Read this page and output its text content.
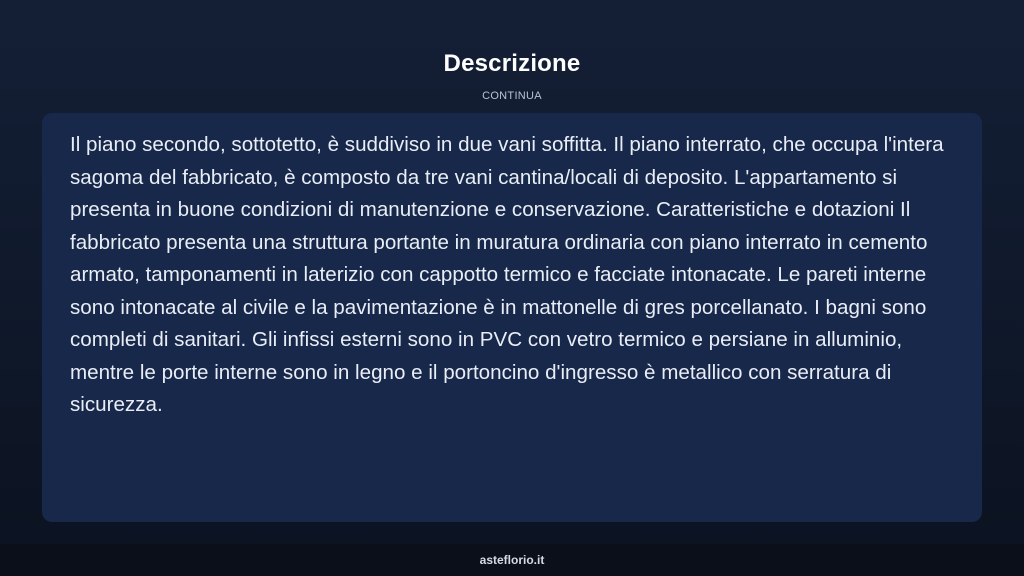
Descrizione
CONTINUA

Il piano secondo, sottotetto, è suddiviso in due vani soffitta. Il piano interrato, che occupa l'intera sagoma del fabbricato, è composto da tre vani cantina/locali di deposito. L'appartamento si presenta in buone condizioni di manutenzione e conservazione. Caratteristiche e dotazioni Il fabbricato presenta una struttura portante in muratura ordinaria con piano interrato in cemento armato, tamponamenti in laterizio con cappotto termico e facciate intonacate. Le pareti interne sono intonacate al civile e la pavimentazione è in mattonelle di gres porcellanato. I bagni sono completi di sanitari. Gli infissi esterni sono in PVC con vetro termico e persiane in alluminio, mentre le porte interne sono in legno e il portoncino d'ingresso è metallico con serratura di sicurezza.

asteflorio.it
